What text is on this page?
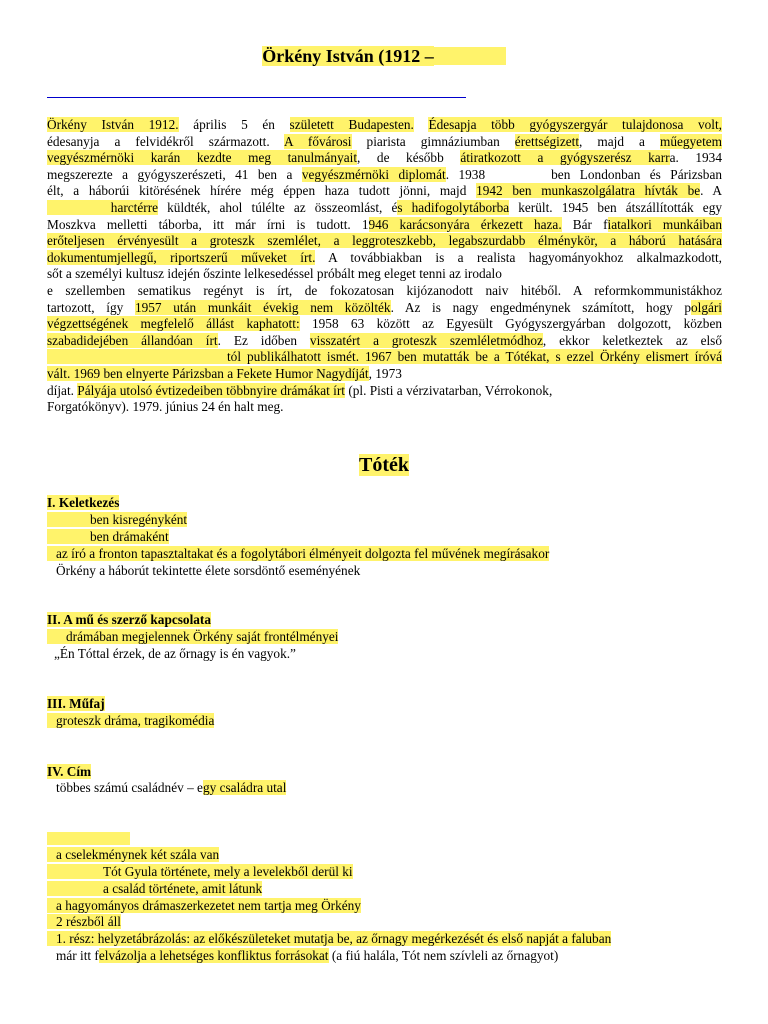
Örkény István (1912 –
Örkény István 1912. április 5 én született Budapesten. Édesapja több gyógyszergyár tulajdonosa volt,
édesanyja a felvidékről származott. A fővárosi piarista gimnáziumban érettségizett, majd a műegyetem
vegyészmérnöki karán kezdte meg tanulmányait, de később átiratkozott a gyógyszerész karra. 1934
megszerezte a gyógyszerészeti, 41 ben a vegyészmérnöki diplomát. 1938       ben Londonban és Párizsban
élt, a háborúi kitörésének hírére még éppen haza tudott jönni, majd 1942 ben munkaszolgálatra hívták be. A
harctérre küldték, ahol túlélte az összeomlást, és hadifogolytáborba került. 1945 ben átszállították egy
Moszkva melletti táborba, itt már írni is tudott. 1946 karácsonyára érkezett haza. Bár fiatalkori munkáiban
erőteljesen érvényesült a groteszk szemlélet, a leggroteszkebb, legabszurdabb élménykör, a háború hatására
dokumentumjellegű, riportszerű műveket írt. A továbbiakban is a realista hagyományokhoz alkalmazkodott,
sőt a személyi kultusz idején őszinte lelkesedéssel próbált meg eleget tenni az irodalo
e szellemben sematikus regényt is írt, de fokozatosan kijózanodott naiv hitéből. A reformkommunistákhoz
tartozott, így 1957 után munkáit évekig nem közölték. Az is nagy engedménynek számított, hogy polgári
végzettségének megfelelő állást kaphatott: 1958 63 között az Egyesült Gyógyszergyárban dolgozott, közben
szabadidejében állandóan írt. Ez időben visszatért a groteszk szemléletmódhoz, ekkor keletkeztek az első
tól publikálhatott ismét. 1967 ben mutatták be a Tótékat, s ezzel Örkény elismert íróvá
vált. 1969 ben elnyerte Párizsban a Fekete Humor Nagydíját, 1973
díjat. Pályája utolsó évtizedeiben többnyire drámákat írt (pl. Pisti a vérzivatarban, Vérrokonok,
Forgatókönyv). 1979. június 24 én halt meg.
Tóték
I. Keletkezés
ben kisregényként
ben drámaként
az író a fronton tapasztaltakat és a fogolytábori élményeit dolgozta fel művének megírásakor
Örkény a háborút tekintette élete sorsdöntő eseményének
II. A mű és szerző kapcsolata
drámában megjelennek Örkény saját frontélményei
„Én Tóttal érzek, de az őrnagy is én vagyok.”
III. Műfaj
groteszk dráma, tragikomédia
IV. Cím
többes számú családnév – egy családra utal
a cselekménynek két szála van
Tót Gyula története, mely a levelekből derül ki
a család története, amit látunk
a hagyományos drámaszerkezetet nem tartja meg Örkény
2 részből áll
1. rész: helyzetábrázolás: az előkészületeket mutatja be, az őrnagy megérkezését és első napját a faluban
már itt felvázolja a lehetséges konfliktus forrásokat (a fiú halála, Tót nem szívleli az őrnagyot)
